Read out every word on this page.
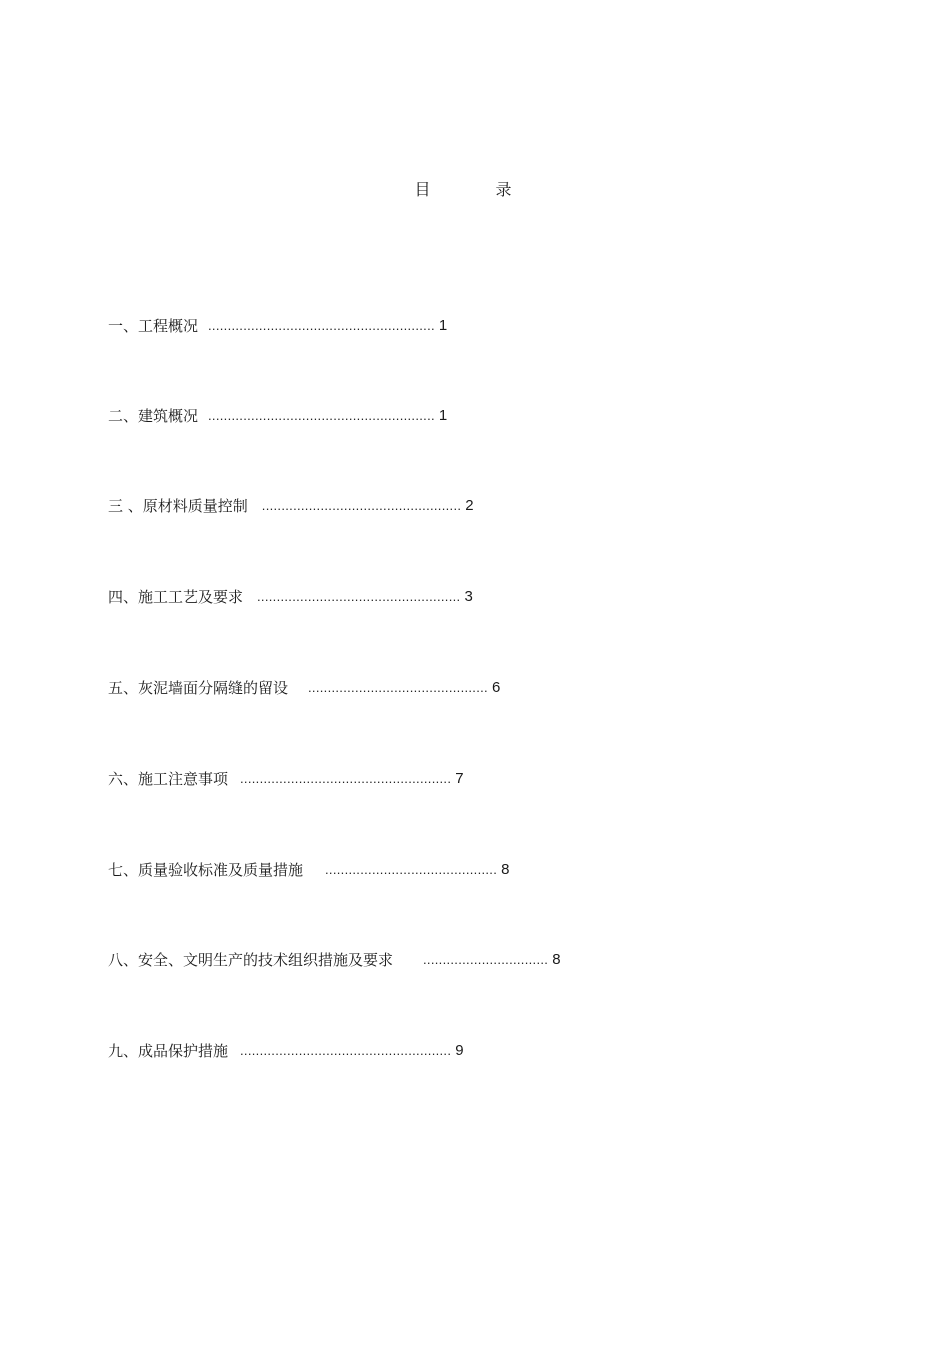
目 录
一、工程概况 .......................................................... 1
二、建筑概况 .......................................................... 1
三 、原材料质量控制 ................................................... 2
四、施工工艺及要求 .................................................... 3
五、灰泥墙面分隔缝的留设 .............................................. 6
六、施工注意事项 ...................................................... 7
七、质量验收标准及质量措施 ............................................ 8
八、安全、文明生产的技术组织措施及要求 ................................ 8
九、成品保护措施 ...................................................... 9
